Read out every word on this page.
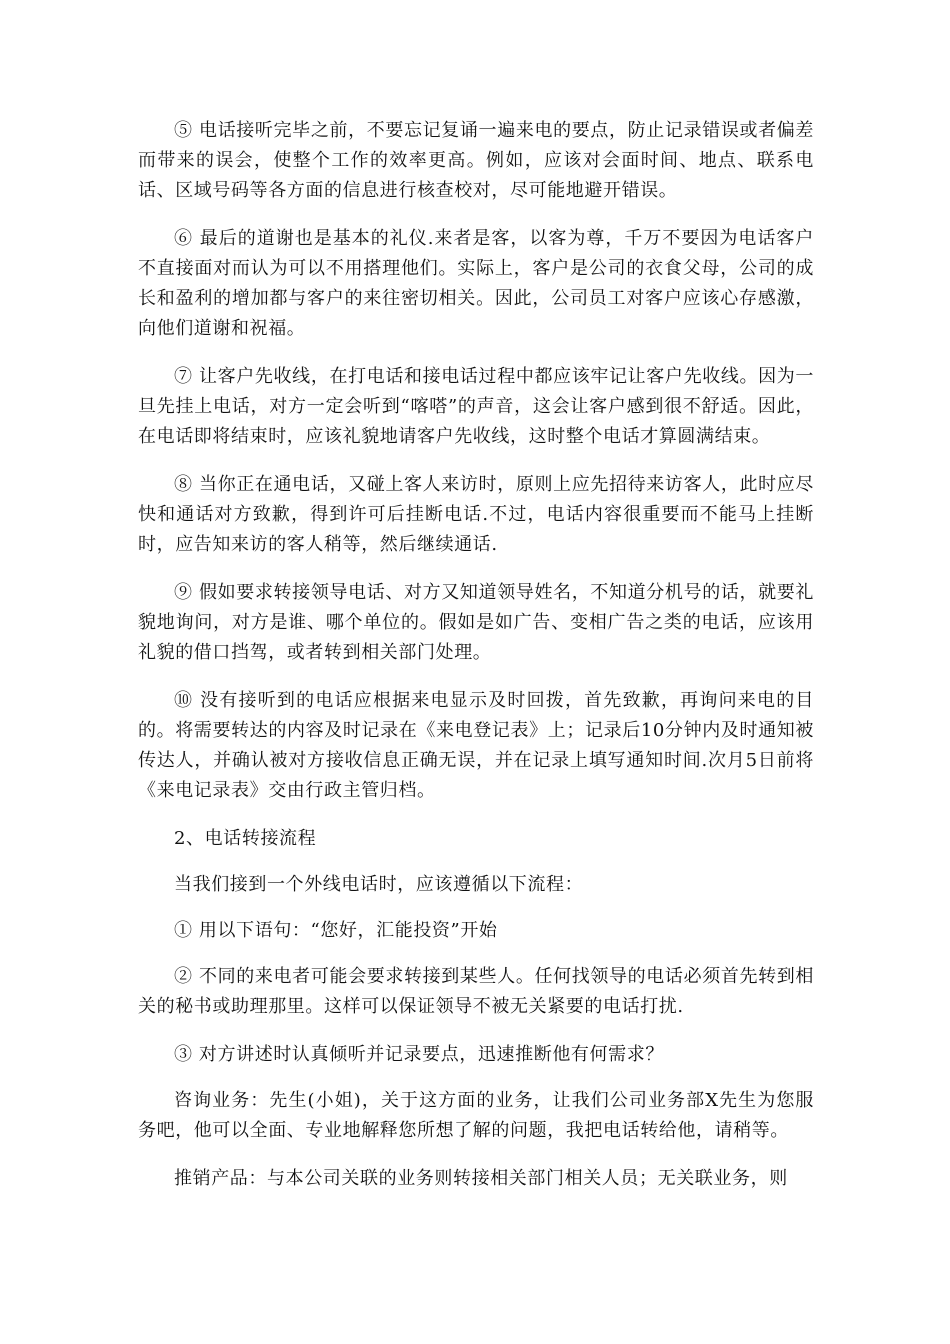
⑤ 电话接听完毕之前，不要忘记复诵一遍来电的要点，防止记录错误或者偏差而带来的误会，使整个工作的效率更高。例如，应该对会面时间、地点、联系电话、区域号码等各方面的信息进行核查校对，尽可能地避开错误。

⑥ 最后的道谢也是基本的礼仪.来者是客，以客为尊，千万不要因为电话客户不直接面对而认为可以不用搭理他们。实际上，客户是公司的衣食父母，公司的成长和盈利的增加都与客户的来往密切相关。因此，公司员工对客户应该心存感激，向他们道谢和祝福。

⑦ 让客户先收线，在打电话和接电话过程中都应该牢记让客户先收线。因为一旦先挂上电话，对方一定会听到“喀嗒”的声音，这会让客户感到很不舒适。因此，在电话即将结束时，应该礼貌地请客户先收线，这时整个电话才算圆满结束。

⑧ 当你正在通电话，又碰上客人来访时，原则上应先招待来访客人，此时应尽快和通话对方致歉，得到许可后挂断电话.不过，电话内容很重要而不能马上挂断时，应告知来访的客人稍等，然后继续通话.

⑨ 假如要求转接领导电话、对方又知道领导姓名，不知道分机号的话，就要礼貌地询问，对方是谁、哪个单位的。假如是如广告、变相广告之类的电话，应该用礼貌的借口挡驾，或者转到相关部门处理。

⑩ 没有接听到的电话应根据来电显示及时回拨，首先致歉，再询问来电的目的。将需要转达的内容及时记录在《来电登记表》上；记录后10分钟内及时通知被传达人，并确认被对方接收信息正确无误，并在记录上填写通知时间.次月5日前将《来电记录表》交由行政主管归档。

2、电话转接流程

当我们接到一个外线电话时，应该遵循以下流程：

① 用以下语句：“您好，汇能投资”开始

② 不同的来电者可能会要求转接到某些人。任何找领导的电话必须首先转到相关的秘书或助理那里。这样可以保证领导不被无关紧要的电话打扰.

③ 对方讲述时认真倾听并记录要点，迅速推断他有何需求？

咨询业务：先生(小姐)，关于这方面的业务，让我们公司业务部X先生为您服务吧，他可以全面、专业地解释您所想了解的问题，我把电话转给他，请稍等。

推销产品：与本公司关联的业务则转接相关部门相关人员；无关联业务，则
